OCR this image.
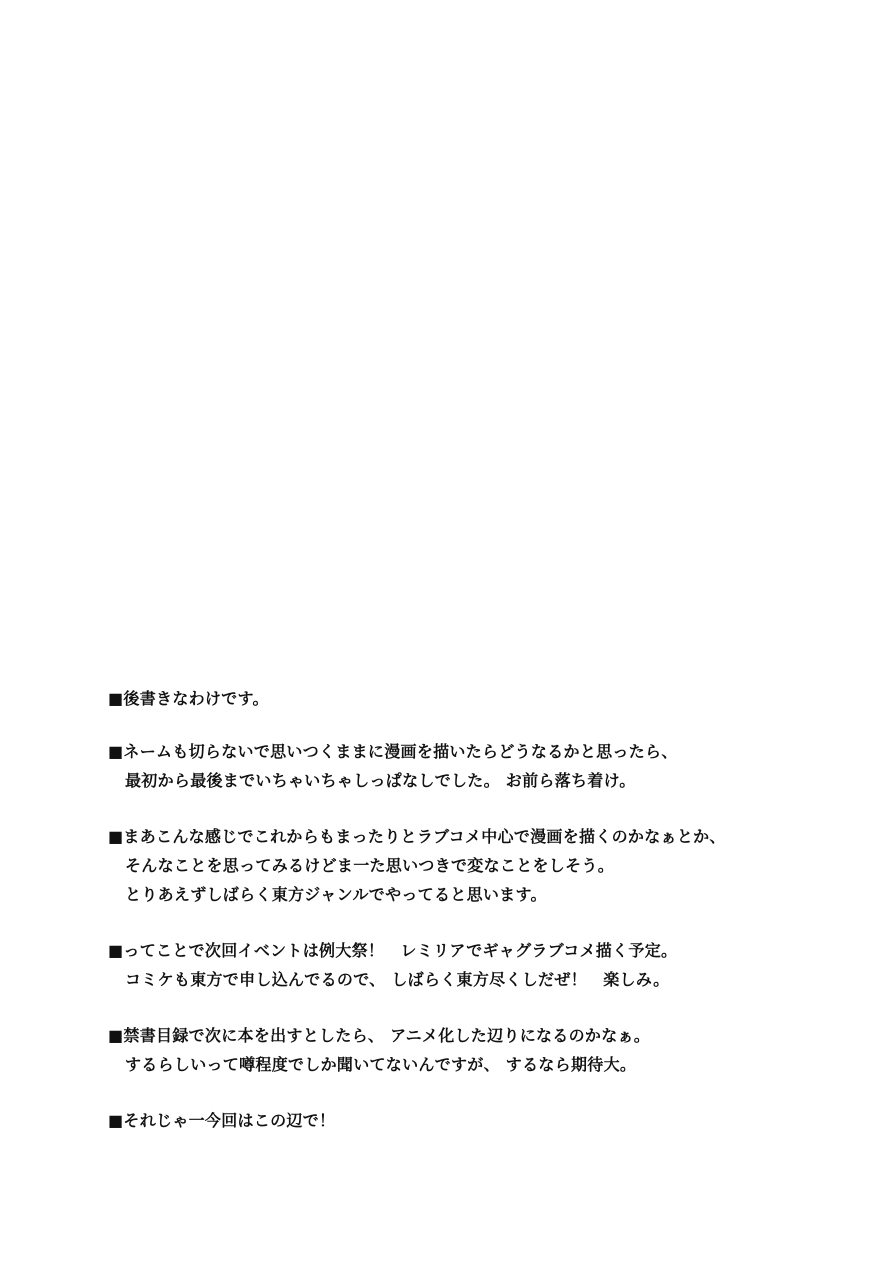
■後書きなわけです。
■ネームも切らないで思いつくままに漫画を描いたらどうなるかと思ったら、
最初から最後までいちゃいちゃしっぱなしでした。 お前ら落ち着け。
■まあこんな感じでこれからもまったりとラブコメ中心で漫画を描くのかなぁとか、
そんなことを思ってみるけどま一た思いつきで変なことをしそう。
とりあえずしばらく東方ジャンルでやってると思います。
■ってことで次回イベントは例大祭！　レミリアでギャグラブコメ描く予定。
コミケも東方で申し込んでるので、 しばらく東方尽くしだぜ！　楽しみ。
■禁書目録で次に本を出すとしたら、 アニメ化した辺りになるのかなぁ。
するらしいって噂程度でしか聞いてないんですが、 するなら期待大。
■それじゃ一今回はこの辺で！
